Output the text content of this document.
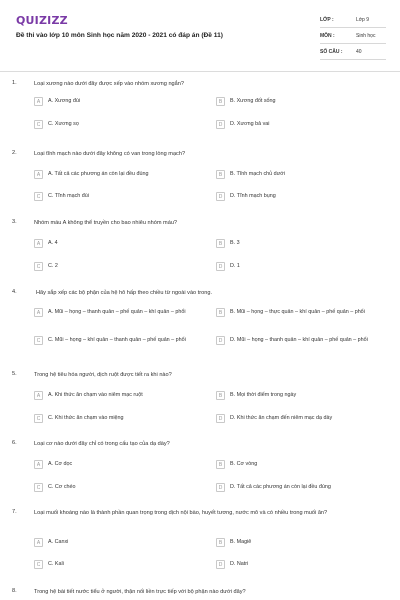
QUIZIZZ
Đề thi vào lớp 10 môn Sinh học năm 2020 - 2021 có đáp án (Đề 11)
LỚP :	Lớp 9
MÔN :	Sinh học
SỐ CÂU :	40
1.	Loại xương nào dưới đây được xếp vào nhóm xương ngắn?
A	A. Xương đùi	B	B. Xương đốt sống
C	C. Xương sọ	D	D. Xương bả vai
2.	Loại tĩnh mạch nào dưới đây không có van trong lòng mạch?
A	A. Tất cả các phương án còn lại đều đúng	B	B. Tĩnh mạch chủ dưới
C	C. Tĩnh mạch đùi	D	D. Tĩnh mạch bụng
3.	Nhóm máu A không thể truyền cho bao nhiêu nhóm máu?
A	A. 4	B	B. 3
C	C. 2	D	D. 1
4.	Hãy sắp xếp các bộ phận của hệ hô hấp theo chiều từ ngoài vào trong.
A	A. Mũi – họng – thanh quản – phế quản – khí quản – phổi	B	B. Mũi – họng – thực quản – khí quản – phế quản – phổi
C	C. Mũi – họng – khí quản – thanh quản – phế quản – phổi	D	D. Mũi – họng – thanh quản – khí quản – phế quản – phổi
5.	Trong hệ tiêu hóa người, dịch ruột được tiết ra khi nào?
A	A. Khi thức ăn chạm vào niêm mạc ruột	B	B. Mọi thời điểm trong ngày
C	C. Khi thức ăn chạm vào miệng	D	D. Khi thức ăn chạm đến niêm mạc dạ dày
6.	Loại cơ nào dưới đây chỉ có trong cấu tạo của dạ dày?
A	A. Cơ dọc	B	B. Cơ vòng
C	C. Cơ chéo	D	D. Tất cả các phương án còn lại đều đúng
7.	Loại muối khoáng nào là thành phần quan trọng trong dịch nội bào, huyết tương, nước mô và có nhiều trong muối ăn?
A	A. Canxi	B	B. Magiê
C	C. Kali	D	D. Natri
8.	Trong hệ bài tiết nước tiểu ở người, thận nối liền trực tiếp với bộ phận nào dưới đây?
